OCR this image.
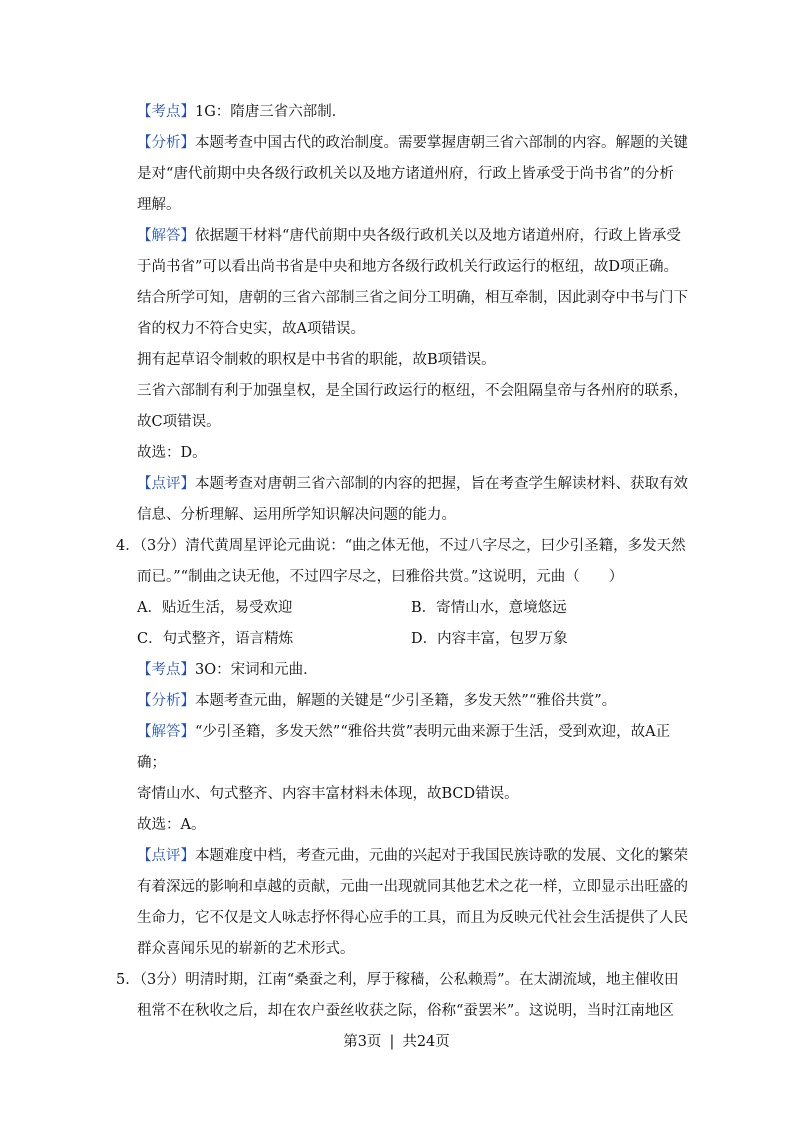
【考点】1G：隋唐三省六部制．
【分析】本题考查中国古代的政治制度。需要掌握唐朝三省六部制的内容。解题的关键
是对“唐代前期中央各级行政机关以及地方诸道州府，行政上皆承受于尚书省”的分析
理解。
【解答】依据题干材料“唐代前期中央各级行政机关以及地方诸道州府，行政上皆承受
于尚书省”可以看出尚书省是中央和地方各级行政机关行政运行的枢纽，故D项正确。
结合所学可知，唐朝的三省六部制三省之间分工明确，相互牵制，因此剥夺中书与门下
省的权力不符合史实，故A项错误。
拥有起草诏令制敕的职权是中书省的职能，故B项错误。
三省六部制有利于加强皇权，是全国行政运行的枢纽，不会阻隔皇帝与各州府的联系，
故C项错误。
故选：D。
【点评】本题考查对唐朝三省六部制的内容的把握，旨在考查学生解读材料、获取有效
信息、分析理解、运用所学知识解决问题的能力。
4．（3分）清代黄周星评论元曲说：“曲之体无他，不过八字尽之，曰少引圣籍，多发天然
而已。”“制曲之诀无他，不过四字尽之，曰雅俗共赏。”这说明，元曲（　　）
A．贴近生活，易受欢迎	B．寄情山水，意境悠远
C．句式整齐，语言精炼	D．内容丰富，包罗万象
【考点】3O：宋词和元曲．
【分析】本题考查元曲，解题的关键是“少引圣籍，多发天然”“雅俗共赏”。
【解答】“少引圣籍，多发天然”“雅俗共赏”表明元曲来源于生活，受到欢迎，故A正
确；
寄情山水、句式整齐、内容丰富材料未体现，故BCD错误。
故选：A。
【点评】本题难度中档，考查元曲，元曲的兴起对于我国民族诗歌的发展、文化的繁荣
有着深远的影响和卓越的贡献，元曲一出现就同其他艺术之花一样，立即显示出旺盛的
生命力，它不仅是文人咏志抒怀得心应手的工具，而且为反映元代社会生活提供了人民
群众喜闻乐见的崭新的艺术形式。
5．（3分）明清时期，江南“桑蚕之利，厚于稼穑，公私赖焉”。在太湖流域，地主催收田
租常不在秋收之后，却在农户蚕丝收获之际，俗称“蚕罢米”。这说明，当时江南地区
第3页 | 共24页
